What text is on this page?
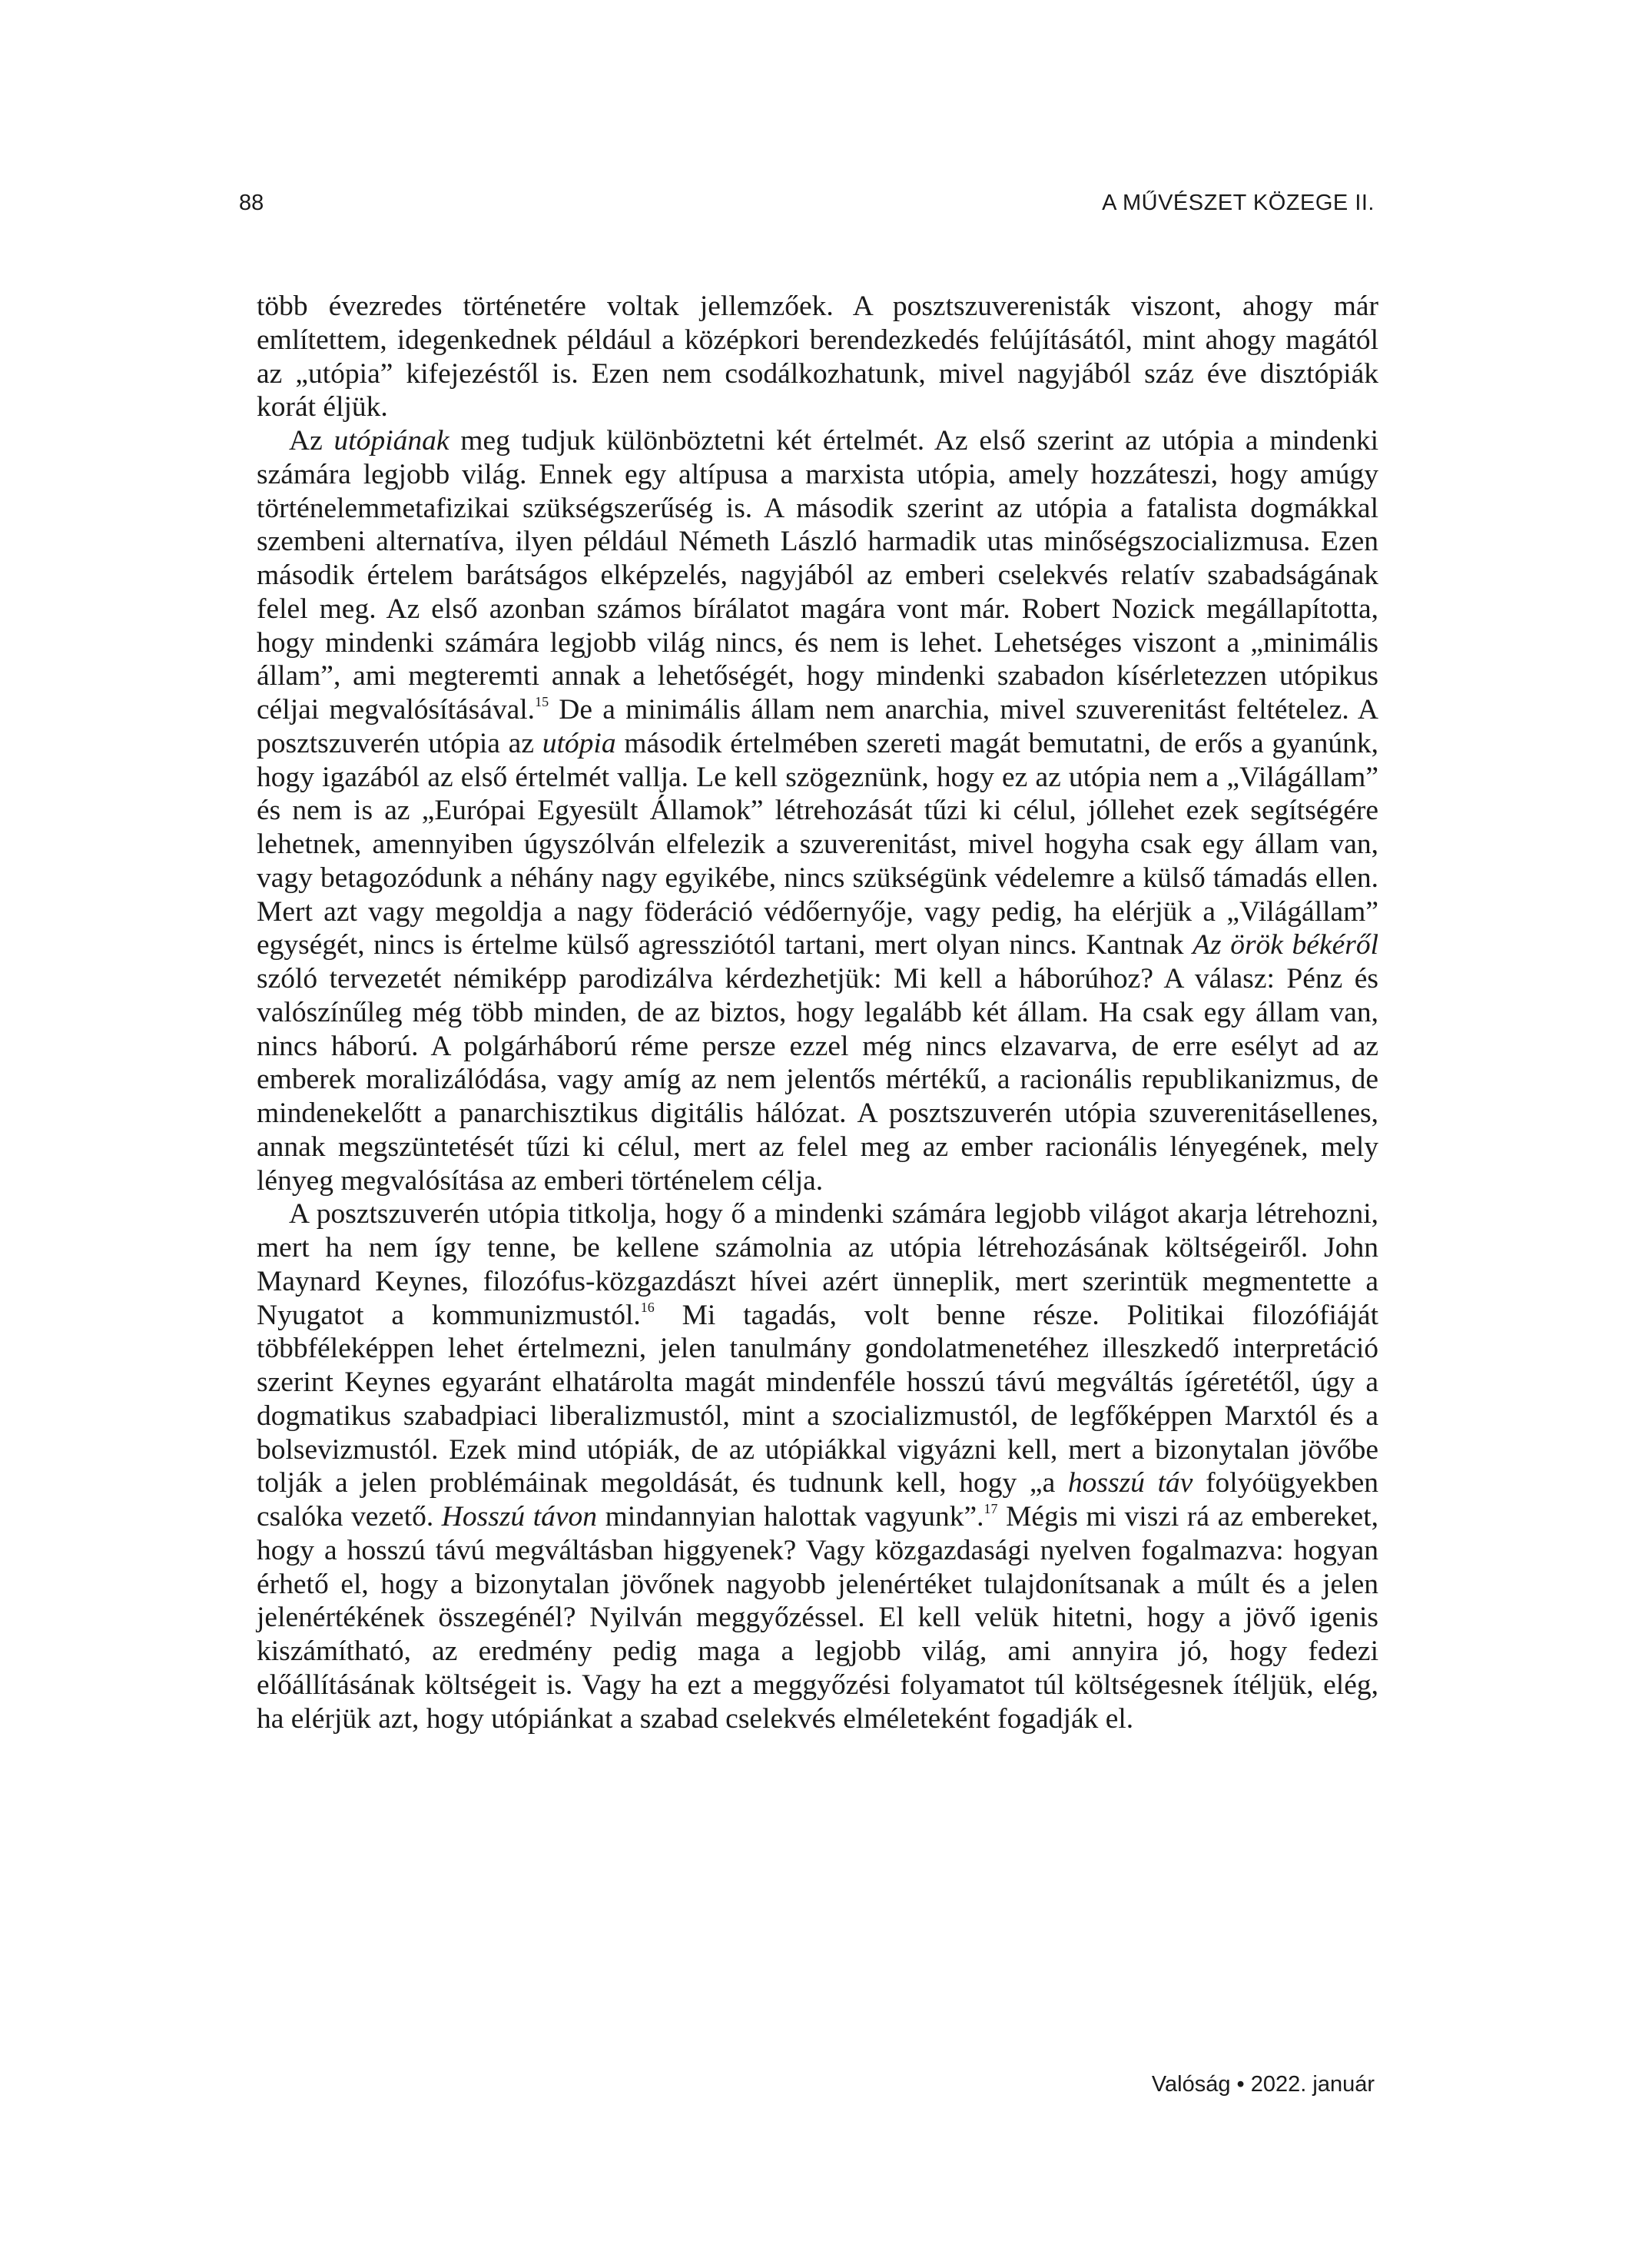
88	A MŰVÉSZET KÖZEGE II.

több évezredes történetére voltak jellemzőek. A posztszuverenisták viszont, ahogy már említettem, idegenkednek például a középkori berendezkedés felújításától, mint ahogy magától az „utópia” kifejezéstől is. Ezen nem csodálkozhatunk, mivel nagyjából száz éve disztópiák korát éljük.

Az utópiának meg tudjuk különböztetni két értelmét. Az első szerint az utópia a mindenki számára legjobb világ. Ennek egy altípusa a marxista utópia, amely hozzáteszi, hogy amúgy történelemmetafizikai szükségszerűség is. A második szerint az utópia a fatalista dogmákkal szembeni alternatíva, ilyen például Németh László harmadik utas minőségszocializmusa. Ezen második értelem barátságos elképzelés, nagyjából az emberi cselekvés relatív szabadságának felel meg. Az első azonban számos bírálatot magára vont már. Robert Nozick megállapította, hogy mindenki számára legjobb világ nincs, és nem is lehet. Lehetséges viszont a „minimális állam”, ami megteremti annak a lehetőségét, hogy mindenki szabadon kísérletezzen utópikus céljai megvalósításával.$^{15}$ De a minimális állam nem anarchia, mivel szuverenitást feltételez. A posztszuverén utópia az utópia második értelmében szereti magát bemutatni, de erős a gyanúnk, hogy igazából az első értelmét vallja. Le kell szögeznünk, hogy ez az utópia nem a „Világállam” és nem is az „Európai Egyesült Államok” létrehozását tűzi ki célul, jóllehet ezek segítségére lehetnek, amennyiben úgyszólván elfelezik a szuverenitást, mivel hogyha csak egy állam van, vagy betagozódunk a néhány nagy egyikébe, nincs szükségünk védelemre a külső támadás ellen. Mert azt vagy megoldja a nagy föderáció védőernyője, vagy pedig, ha elérjük a „Világállam” egységét, nincs is értelme külső agressziótól tartani, mert olyan nincs. Kantnak Az örök békéről szóló tervezetét némiképp parodizálva kérdezhetjük: Mi kell a háborúhoz? A válasz: Pénz és valószínűleg még több minden, de az biztos, hogy legalább két állam. Ha csak egy állam van, nincs háború. A polgárháború réme persze ezzel még nincs elzavarva, de erre esélyt ad az emberek moralizálódása, vagy amíg az nem jelentős mértékű, a racionális republikanizmus, de mindenekelőtt a panarchisztikus digitális hálózat. A posztszuverén utópia szuverenitásellenes, annak megszüntetését tűzi ki célul, mert az felel meg az ember racionális lényegének, mely lényeg megvalósítása az emberi történelem célja.

A posztszuverén utópia titkolja, hogy ő a mindenki számára legjobb világot akarja létrehozni, mert ha nem így tenne, be kellene számolnia az utópia létrehozásának költségeiről. John Maynard Keynes, filozófus-közgazdászt hívei azért ünneplik, mert szerintük megmentette a Nyugatot a kommunizmustól.$^{16}$ Mi tagadás, volt benne része. Politikai filozófiáját többféleképpen lehet értelmezni, jelen tanulmány gondolatmenetéhez illeszkedő interpretáció szerint Keynes egyaránt elhatárolta magát mindenféle hosszú távú megváltás ígéretétől, úgy a dogmatikus szabadpiaci liberalizmustól, mint a szocializmustól, de legfőképpen Marxtól és a bolsevizmustól. Ezek mind utópiák, de az utópiákkal vigyázni kell, mert a bizonytalan jövőbe tolják a jelen problémáinak megoldását, és tudnunk kell, hogy „a hosszú táv folyóügyekben csalóka vezető. Hosszú távon mindannyian halottak vagyunk”.$^{17}$ Mégis mi viszi rá az embereket, hogy a hosszú távú megváltásban higgyenek? Vagy közgazdasági nyelven fogalmazva: hogyan érhető el, hogy a bizonytalan jövőnek nagyobb jelenértéket tulajdonítsanak a múlt és a jelen jelenértékének összegénél? Nyilván meggyőzéssel. El kell velük hitetni, hogy a jövő igenis kiszámítható, az eredmény pedig maga a legjobb világ, ami annyira jó, hogy fedezi előállításának költségeit is. Vagy ha ezt a meggyőzési folyamatot túl költségesnek ítéljük, elég, ha elérjük azt, hogy utópiánkat a szabad cselekvés elméleteként fogadják el.

Valóság • 2022. január
